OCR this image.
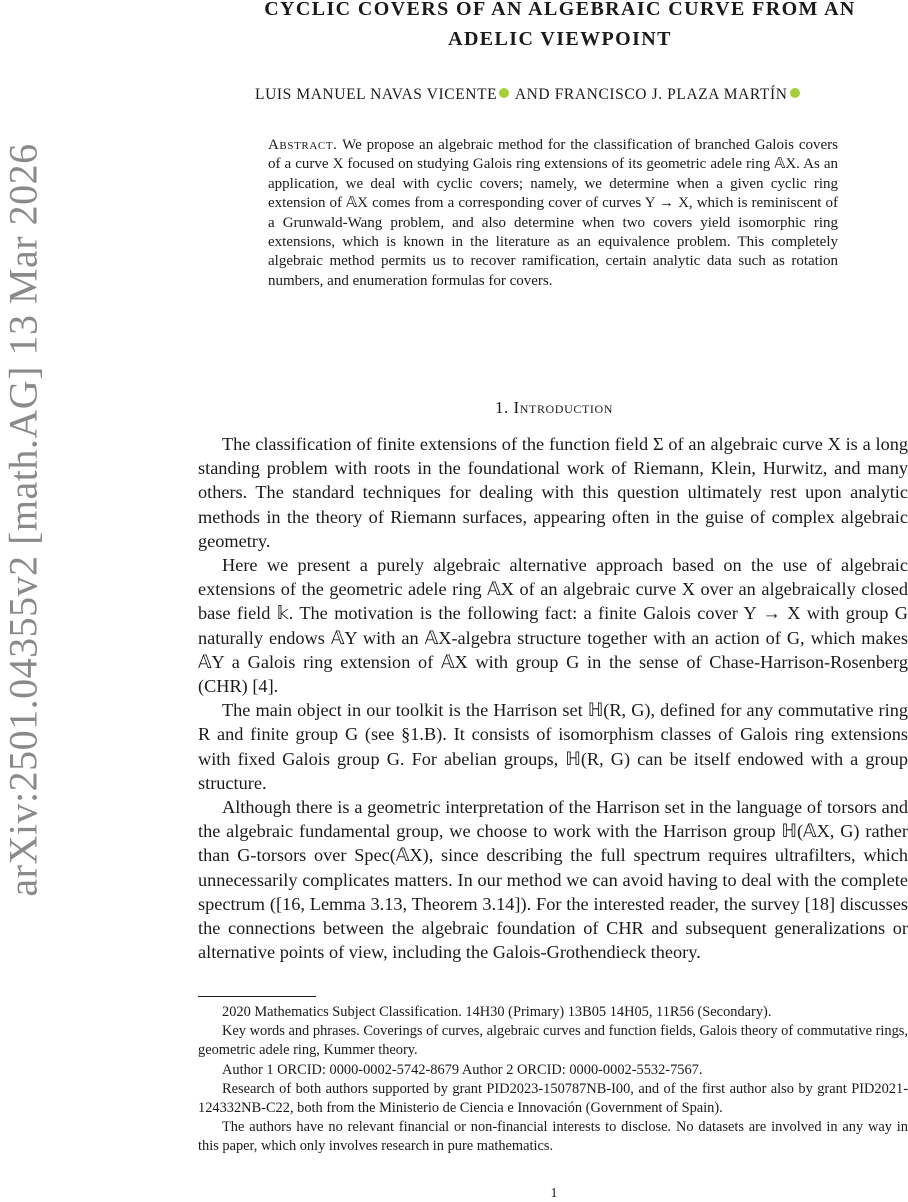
arXiv:2501.04355v2 [math.AG] 13 Mar 2026
CYCLIC COVERS OF AN ALGEBRAIC CURVE FROM AN
ADELIC VIEWPOINT
LUIS MANUEL NAVAS VICENTE AND FRANCISCO J. PLAZA MARTÍN
Abstract. We propose an algebraic method for the classification of branched Galois covers of a curve X focused on studying Galois ring extensions of its geometric adele ring 𝔸X. As an application, we deal with cyclic covers; namely, we determine when a given cyclic ring extension of 𝔸X comes from a corresponding cover of curves Y → X, which is reminiscent of a Grunwald-Wang problem, and also determine when two covers yield isomorphic ring extensions, which is known in the literature as an equivalence problem. This completely algebraic method permits us to recover ramification, certain analytic data such as rotation numbers, and enumeration formulas for covers.
1. Introduction

The classification of finite extensions of the function field Σ of an algebraic curve X is a long standing problem with roots in the foundational work of Riemann, Klein, Hurwitz, and many others. The standard techniques for dealing with this question ultimately rest upon analytic methods in the theory of Riemann surfaces, appearing often in the guise of complex algebraic geometry.

Here we present a purely algebraic alternative approach based on the use of algebraic extensions of the geometric adele ring 𝔸X of an algebraic curve X over an algebraically closed base field 𝕜. The motivation is the following fact: a finite Galois cover Y → X with group G naturally endows 𝔸Y with an 𝔸X-algebra structure together with an action of G, which makes 𝔸Y a Galois ring extension of 𝔸X with group G in the sense of Chase-Harrison-Rosenberg (CHR) [4].

The main object in our toolkit is the Harrison set ℍ(R, G), defined for any commutative ring R and finite group G (see §1.B). It consists of isomorphism classes of Galois ring extensions with fixed Galois group G. For abelian groups, ℍ(R, G) can be itself endowed with a group structure.

Although there is a geometric interpretation of the Harrison set in the language of torsors and the algebraic fundamental group, we choose to work with the Harrison group ℍ(𝔸X, G) rather than G-torsors over Spec(𝔸X), since describing the full spectrum requires ultrafilters, which unnecessarily complicates matters. In our method we can avoid having to deal with the complete spectrum ([16, Lemma 3.13, Theorem 3.14]). For the interested reader, the survey [18] discusses the connections between the algebraic foundation of CHR and subsequent generalizations or alternative points of view, including the Galois-Grothendieck theory.

2020 Mathematics Subject Classification. 14H30 (Primary) 13B05 14H05, 11R56 (Secondary).

Key words and phrases. Coverings of curves, algebraic curves and function fields, Galois theory of commutative rings, geometric adele ring, Kummer theory.

Author 1 ORCID: 0000-0002-5742-8679 Author 2 ORCID: 0000-0002-5532-7567.

Research of both authors supported by grant PID2023-150787NB-I00, and of the first author also by grant PID2021-124332NB-C22, both from the Ministerio de Ciencia e Innovación (Government of Spain).

The authors have no relevant financial or non-financial interests to disclose. No datasets are involved in any way in this paper, which only involves research in pure mathematics.

1
